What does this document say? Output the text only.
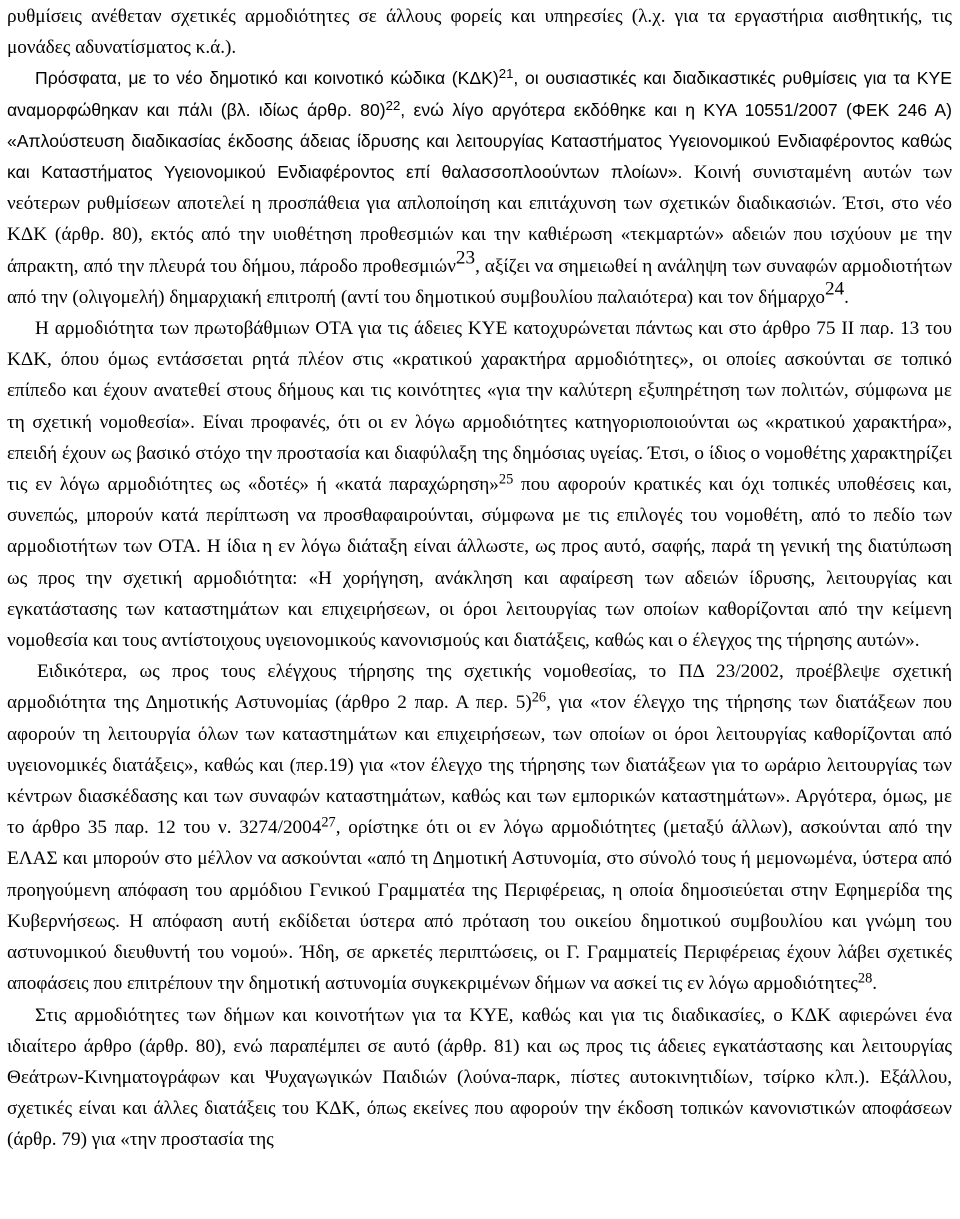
ρυθμίσεις ανέθεταν σχετικές αρμοδιότητες σε άλλους φορείς και υπηρεσίες (λ.χ. για τα εργαστήρια αισθητικής, τις μονάδες αδυνατίσματος κ.ά.).

Πρόσφατα, με το νέο δημοτικό και κοινοτικό κώδικα $(K\Delta K)^{21}$, οι ουσιαστικές και διαδικαστικές ρυθμίσεις για τα ΚΥΕ αναμορφώθηκαν και πάλι (βλ. ιδίως άρθρ. 80)$^{22}$, ενώ λίγο αργότερα εκδόθηκε και η ΚΥΑ 10551/2007 (ΦΕΚ 246 Α) «Απλούστευση διαδικασίας έκδοσης άδειας ίδρυσης και λειτουργίας Καταστήματος Υγειονομικού Ενδιαφέροντος καθώς και Καταστήματος Υγειονομικού Ενδιαφέροντος επί θαλασσοπλοούντων πλοίων». Κοινή συνισταμένη αυτών των νεότερων ρυθμίσεων αποτελεί η προσπάθεια για απλοποίηση και επιτάχυνση των σχετικών διαδικασιών. Έτσι, στο νέο ΚΔΚ (άρθρ. 80), εκτός από την υιοθέτηση προθεσμιών και την καθιέρωση «τεκμαρτών» αδειών που ισχύουν με την άπρακτη, από την πλευρά του δήμου, πάροδο προθεσμιών$^{23}$, αξίζει να σημειωθεί η ανάληψη των συναφών αρμοδιοτήτων από την (ολιγομελή) δημαρχιακή επιτροπή (αντί του δημοτικού συμβουλίου παλαιότερα) και τον δήμαρχο$^{24}$.

Η αρμοδιότητα των πρωτοβάθμιων ΟΤΑ για τις άδειες ΚΥΕ κατοχυρώνεται πάντως και στο άρθρο 75 ΙΙ παρ. 13 του ΚΔΚ, όπου όμως εντάσσεται ρητά πλέον στις «κρατικού χαρακτήρα αρμοδιότητες», οι οποίες ασκούνται σε τοπικό επίπεδο και έχουν ανατεθεί στους δήμους και τις κοινότητες «για την καλύτερη εξυπηρέτηση των πολιτών, σύμφωνα με τη σχετική νομοθεσία». Είναι προφανές, ότι οι εν λόγω αρμοδιότητες κατηγοριοποιούνται ως «κρατικού χαρακτήρα», επειδή έχουν ως βασικό στόχο την προστασία και διαφύλαξη της δημόσιας υγείας. Έτσι, ο ίδιος ο νομοθέτης χαρακτηρίζει τις εν λόγω αρμοδιότητες ως «δοτές» ή «κατά παραχώρηση»$^{25}$ που αφορούν κρατικές και όχι τοπικές υποθέσεις και, συνεπώς, μπορούν κατά περίπτωση να προσθαφαιρούνται, σύμφωνα με τις επιλογές του νομοθέτη, από το πεδίο των αρμοδιοτήτων των ΟΤΑ. Η ίδια η εν λόγω διάταξη είναι άλλωστε, ως προς αυτό, σαφής, παρά τη γενική της διατύπωση ως προς την σχετική αρμοδιότητα: «Η χορήγηση, ανάκληση και αφαίρεση των αδειών ίδρυσης, λειτουργίας και εγκατάστασης των καταστημάτων και επιχειρήσεων, οι όροι λειτουργίας των οποίων καθορίζονται από την κείμενη νομοθεσία και τους αντίστοιχους υγειονομικούς κανονισμούς και διατάξεις, καθώς και ο έλεγχος της τήρησης αυτών».

Ειδικότερα, ως προς τους ελέγχους τήρησης της σχετικής νομοθεσίας, το ΠΔ 23/2002, προέβλεψε σχετική αρμοδιότητα της Δημοτικής Αστυνομίας (άρθρο 2 παρ. Α περ. 5)$^{26}$, για «τον έλεγχο της τήρησης των διατάξεων που αφορούν τη λειτουργία όλων των καταστημάτων και επιχειρήσεων, των οποίων οι όροι λειτουργίας καθορίζονται από υγειονομικές διατάξεις», καθώς και (περ.19) για «τον έλεγχο της τήρησης των διατάξεων για το ωράριο λειτουργίας των κέντρων διασκέδασης και των συναφών καταστημάτων, καθώς και των εμπορικών καταστημάτων». Αργότερα, όμως, με το άρθρο 35 παρ. 12 του ν. 3274/2004$^{27}$, ορίστηκε ότι οι εν λόγω αρμοδιότητες (μεταξύ άλλων), ασκούνται από την ΕΛΑΣ και μπορούν στο μέλλον να ασκούνται «από τη Δημοτική Αστυνομία, στο σύνολό τους ή μεμονωμένα, ύστερα από προηγούμενη απόφαση του αρμόδιου Γενικού Γραμματέα της Περιφέρειας, η οποία δημοσιεύεται στην Εφημερίδα της Κυβερνήσεως. Η απόφαση αυτή εκδίδεται ύστερα από πρόταση του οικείου δημοτικού συμβουλίου και γνώμη του αστυνομικού διευθυντή του νομού». Ήδη, σε αρκετές περιπτώσεις, οι Γ. Γραμματείς Περιφέρειας έχουν λάβει σχετικές αποφάσεις που επιτρέπουν την δημοτική αστυνομία συγκεκριμένων δήμων να ασκεί τις εν λόγω αρμοδιότητες$^{28}$.

Στις αρμοδιότητες των δήμων και κοινοτήτων για τα ΚΥΕ, καθώς και για τις διαδικασίες, ο ΚΔΚ αφιερώνει ένα ιδιαίτερο άρθρο (άρθρ. 80), ενώ παραπέμπει σε αυτό (άρθρ. 81) και ως προς τις άδειες εγκατάστασης και λειτουργίας Θεάτρων-Κινηματογράφων και Ψυχαγωγικών Παιδιών (λούνα-παρκ, πίστες αυτοκινητιδίων, τσίρκο κλπ.). Εξάλλου, σχετικές είναι και άλλες διατάξεις του ΚΔΚ, όπως εκείνες που αφορούν την έκδοση τοπικών κανονιστικών αποφάσεων (άρθρ. 79) για «την προστασία της
